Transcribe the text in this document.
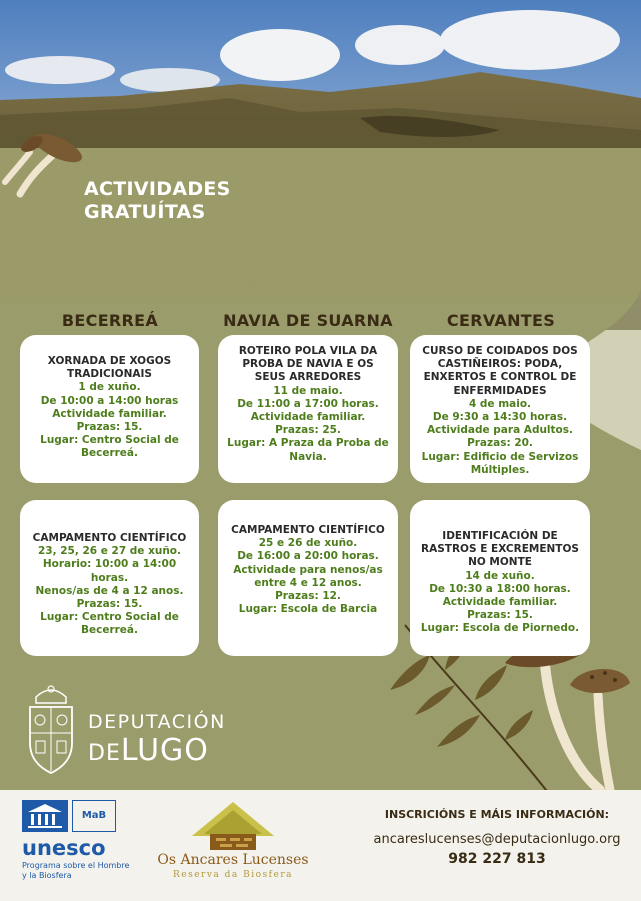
ACTIVIDADES
GRATUÍTAS	RESERVA DA BIOSFERA
ANCARES LUCENSES
E MONTES DE CERVANTES, NAVIA E BECEREÁ
BECERREÁ	NAVIA DE SUARNA	CERVANTES
XORNADA DE XOGOS TRADICIONAIS
1 de xuño.
De 10:00 a 14:00 horas
Actividade familiar.
Prazas: 15.
Lugar: Centro Social de Becerreá.
ROTEIRO POLA VILA DA PROBA DE NAVIA E OS SEUS ARREDORES
11 de maio.
De 11:00 a 17:00 horas.
Actividade familiar.
Prazas: 25.
Lugar: A Praza da Proba de Navia.
CURSO DE COIDADOS DOS CASTIÑEIROS: PODA, ENXERTOS E CONTROL DE ENFERMIDADES
4 de maio.
De 9:30 a 14:30 horas.
Actividade para Adultos.
Prazas: 20.
Lugar: Edificio de Servizos Múltiples.
CAMPAMENTO CIENTÍFICO
23, 25, 26 e 27 de xuño.
Horario: 10:00 a 14:00 horas.
Nenos/as de 4 a 12 anos.
Prazas: 15.
Lugar: Centro Social de Becerreá.
CAMPAMENTO CIENTÍFICO
25 e 26 de xuño.
De 16:00 a 20:00 horas.
Actividade para nenos/as entre 4 e 12 anos.
Prazas: 12.
Lugar: Escola de Barcia
IDENTIFICACIÓN DE RASTROS E EXCREMENTOS NO MONTE
14 de xuño.
De 10:30 a 18:00 horas.
Actividade familiar.
Prazas: 15.
Lugar: Escola de Piornedo.
DEPUTACIÓN
DELUGO
MaB
unesco
Programa sobre el Hombre y la Biosfera
Os Ancares Lucenses
Reserva da Biosfera
INSCRICIÓNS E MÁIS INFORMACIÓN:
ancareslucenses@deputacionlugo.org
982 227 813
